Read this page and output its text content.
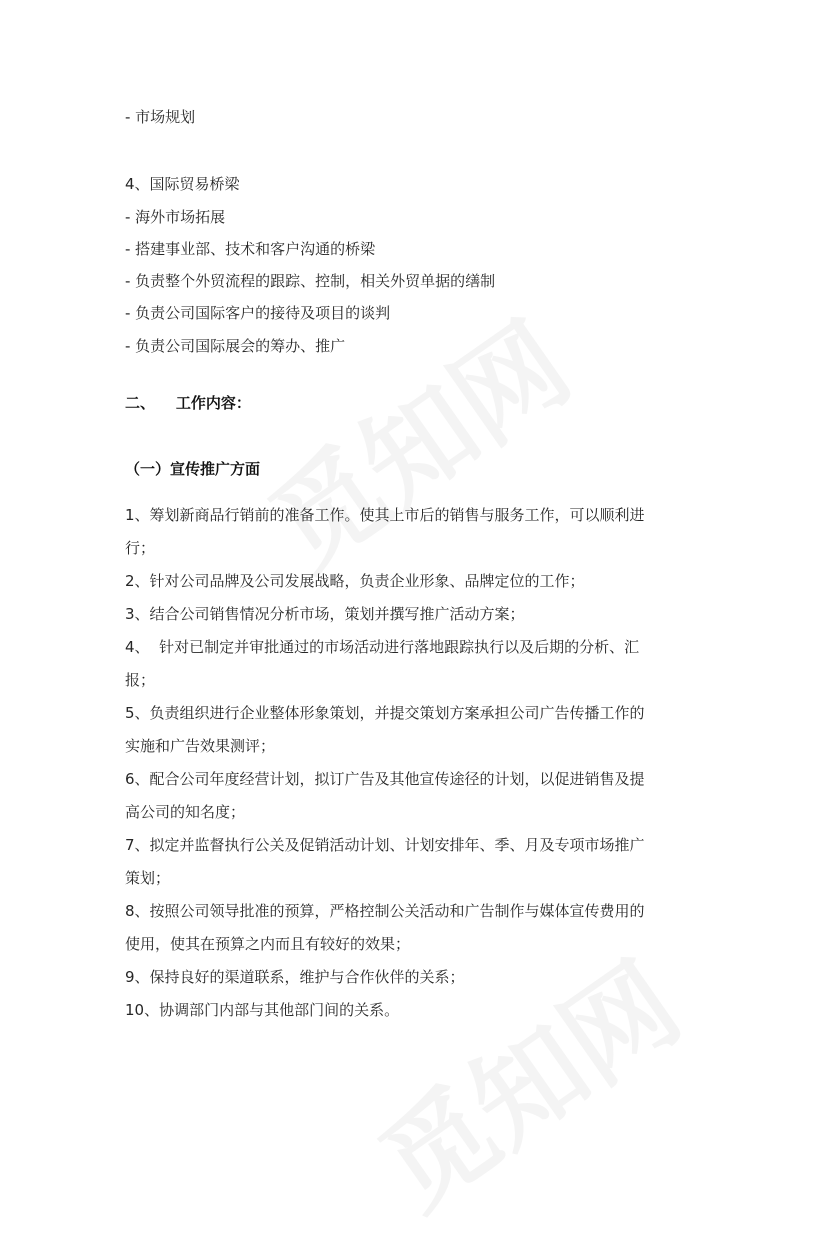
- 市场规划
4、国际贸易桥梁
- 海外市场拓展
- 搭建事业部、技术和客户沟通的桥梁
- 负责整个外贸流程的跟踪、控制，相关外贸单据的缮制
- 负责公司国际客户的接待及项目的谈判
- 负责公司国际展会的筹办、推广
二、    工作内容：
（一）宣传推广方面
1、筹划新商品行销前的准备工作。使其上市后的销售与服务工作，可以顺利进
行；
2、针对公司品牌及公司发展战略，负责企业形象、品牌定位的工作；
3、结合公司销售情况分析市场，策划并撰写推广活动方案；
4、  针对已制定并审批通过的市场活动进行落地跟踪执行以及后期的分析、汇
报；
5、负责组织进行企业整体形象策划，并提交策划方案承担公司广告传播工作的
实施和广告效果测评；
6、配合公司年度经营计划，拟订广告及其他宣传途径的计划，以促进销售及提
高公司的知名度；
7、拟定并监督执行公关及促销活动计划、计划安排年、季、月及专项市场推广
策划；
8、按照公司领导批准的预算，严格控制公关活动和广告制作与媒体宣传费用的
使用，使其在预算之内而且有较好的效果；
9、保持良好的渠道联系，维护与合作伙伴的关系；
10、协调部门内部与其他部门间的关系。
